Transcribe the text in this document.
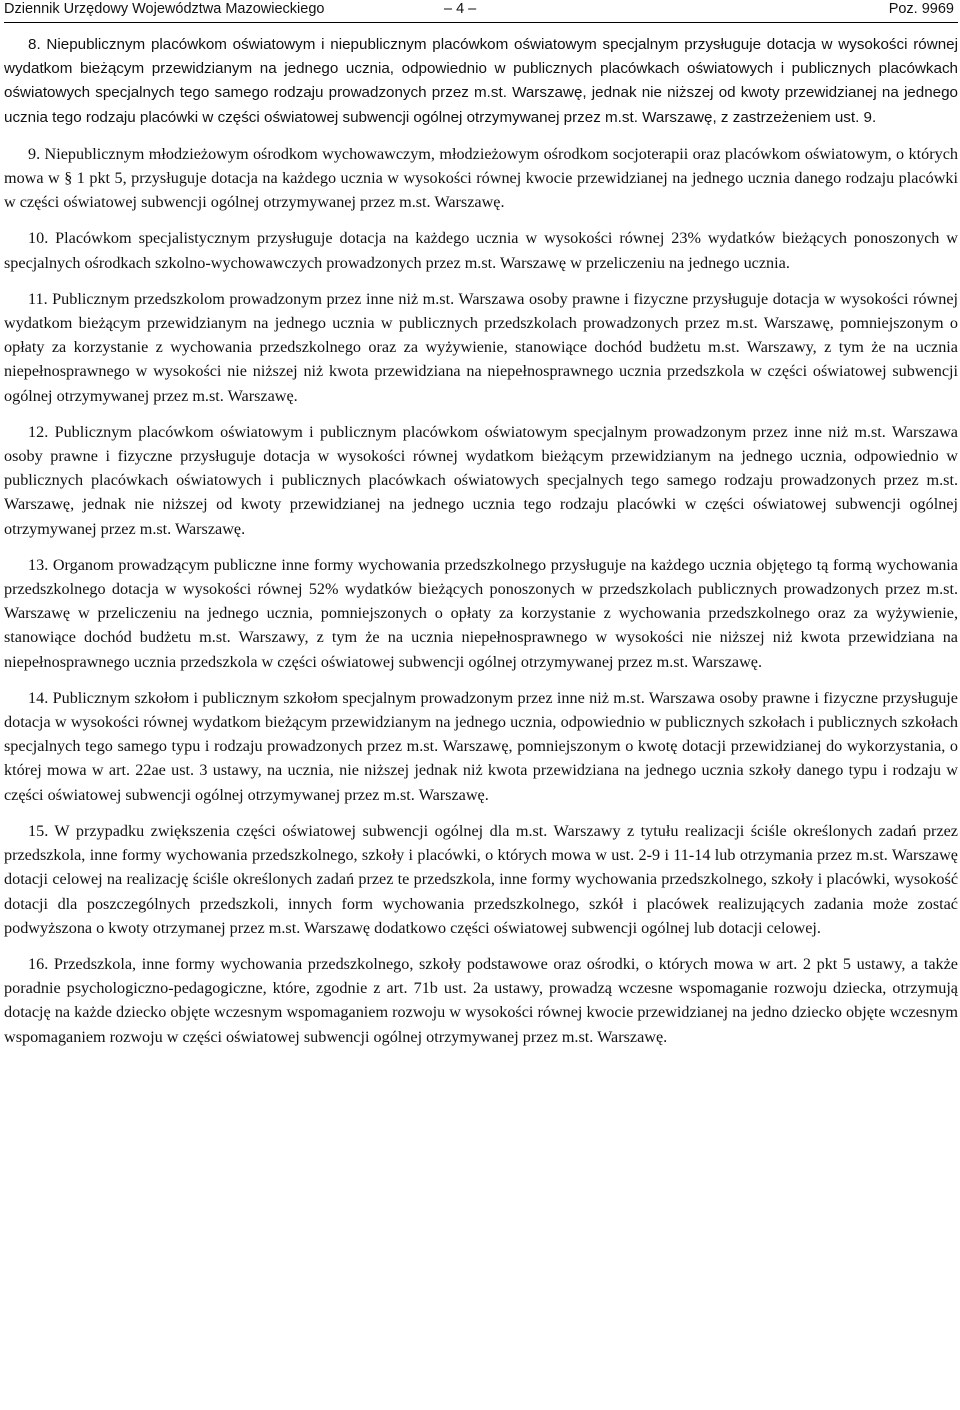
Dziennik Urzędowy Województwa Mazowieckiego	– 4 –	Poz. 9969

8. Niepublicznym placówkom oświatowym i niepublicznym placówkom oświatowym specjalnym przysługuje dotacja w wysokości równej wydatkom bieżącym przewidzianym na jednego ucznia, odpowiednio w publicznych placówkach oświatowych i publicznych placówkach oświatowych specjalnych tego samego rodzaju prowadzonych przez m.st. Warszawę, jednak nie niższej od kwoty przewidzianej na jednego ucznia tego rodzaju placówki w części oświatowej subwencji ogólnej otrzymywanej przez m.st. Warszawę, z zastrzeżeniem ust. 9.

9. Niepublicznym młodzieżowym ośrodkom wychowawczym, młodzieżowym ośrodkom socjoterapii oraz placówkom oświatowym, o których mowa w § 1 pkt 5, przysługuje dotacja na każdego ucznia w wysokości równej kwocie przewidzianej na jednego ucznia danego rodzaju placówki w części oświatowej subwencji ogólnej otrzymywanej przez m.st. Warszawę.

10. Placówkom specjalistycznym przysługuje dotacja na każdego ucznia w wysokości równej 23% wydatków bieżących ponoszonych w specjalnych ośrodkach szkolno-wychowawczych prowadzonych przez m.st. Warszawę w przeliczeniu na jednego ucznia.

11. Publicznym przedszkolom prowadzonym przez inne niż m.st. Warszawa osoby prawne i fizyczne przysługuje dotacja w wysokości równej wydatkom bieżącym przewidzianym na jednego ucznia w publicznych przedszkolach prowadzonych przez m.st. Warszawę, pomniejszonym o opłaty za korzystanie z wychowania przedszkolnego oraz za wyżywienie, stanowiące dochód budżetu m.st. Warszawy, z tym że na ucznia niepełnosprawnego w wysokości nie niższej niż kwota przewidziana na niepełnosprawnego ucznia przedszkola w części oświatowej subwencji ogólnej otrzymywanej przez m.st. Warszawę.

12. Publicznym placówkom oświatowym i publicznym placówkom oświatowym specjalnym prowadzonym przez inne niż m.st. Warszawa osoby prawne i fizyczne przysługuje dotacja w wysokości równej wydatkom bieżącym przewidzianym na jednego ucznia, odpowiednio w publicznych placówkach oświatowych i publicznych placówkach oświatowych specjalnych tego samego rodzaju prowadzonych przez m.st. Warszawę, jednak nie niższej od kwoty przewidzianej na jednego ucznia tego rodzaju placówki w części oświatowej subwencji ogólnej otrzymywanej przez m.st. Warszawę.

13. Organom prowadzącym publiczne inne formy wychowania przedszkolnego przysługuje na każdego ucznia objętego tą formą wychowania przedszkolnego dotacja w wysokości równej 52% wydatków bieżących ponoszonych w przedszkolach publicznych prowadzonych przez m.st. Warszawę w przeliczeniu na jednego ucznia, pomniejszonych o opłaty za korzystanie z wychowania przedszkolnego oraz za wyżywienie, stanowiące dochód budżetu m.st. Warszawy, z tym że na ucznia niepełnosprawnego w wysokości nie niższej niż kwota przewidziana na niepełnosprawnego ucznia przedszkola w części oświatowej subwencji ogólnej otrzymywanej przez m.st. Warszawę.

14. Publicznym szkołom i publicznym szkołom specjalnym prowadzonym przez inne niż m.st. Warszawa osoby prawne i fizyczne przysługuje dotacja w wysokości równej wydatkom bieżącym przewidzianym na jednego ucznia, odpowiednio w publicznych szkołach i publicznych szkołach specjalnych tego samego typu i rodzaju prowadzonych przez m.st. Warszawę, pomniejszonym o kwotę dotacji przewidzianej do wykorzystania, o której mowa w art. 22ae ust. 3 ustawy, na ucznia, nie niższej jednak niż kwota przewidziana na jednego ucznia szkoły danego typu i rodzaju w części oświatowej subwencji ogólnej otrzymywanej przez m.st. Warszawę.

15. W przypadku zwiększenia części oświatowej subwencji ogólnej dla m.st. Warszawy z tytułu realizacji ściśle określonych zadań przez przedszkola, inne formy wychowania przedszkolnego, szkoły i placówki, o których mowa w ust. 2-9 i 11-14 lub otrzymania przez m.st. Warszawę dotacji celowej na realizację ściśle określonych zadań przez te przedszkola, inne formy wychowania przedszkolnego, szkoły i placówki, wysokość dotacji dla poszczególnych przedszkoli, innych form wychowania przedszkolnego, szkół i placówek realizujących zadania może zostać podwyższona o kwoty otrzymanej przez m.st. Warszawę dodatkowo części oświatowej subwencji ogólnej lub dotacji celowej.

16. Przedszkola, inne formy wychowania przedszkolnego, szkoły podstawowe oraz ośrodki, o których mowa w art. 2 pkt 5 ustawy, a także poradnie psychologiczno-pedagogiczne, które, zgodnie z art. 71b ust. 2a ustawy, prowadzą wczesne wspomaganie rozwoju dziecka, otrzymują dotację na każde dziecko objęte wczesnym wspomaganiem rozwoju w wysokości równej kwocie przewidzianej na jedno dziecko objęte wczesnym wspomaganiem rozwoju w części oświatowej subwencji ogólnej otrzymywanej przez m.st. Warszawę.
